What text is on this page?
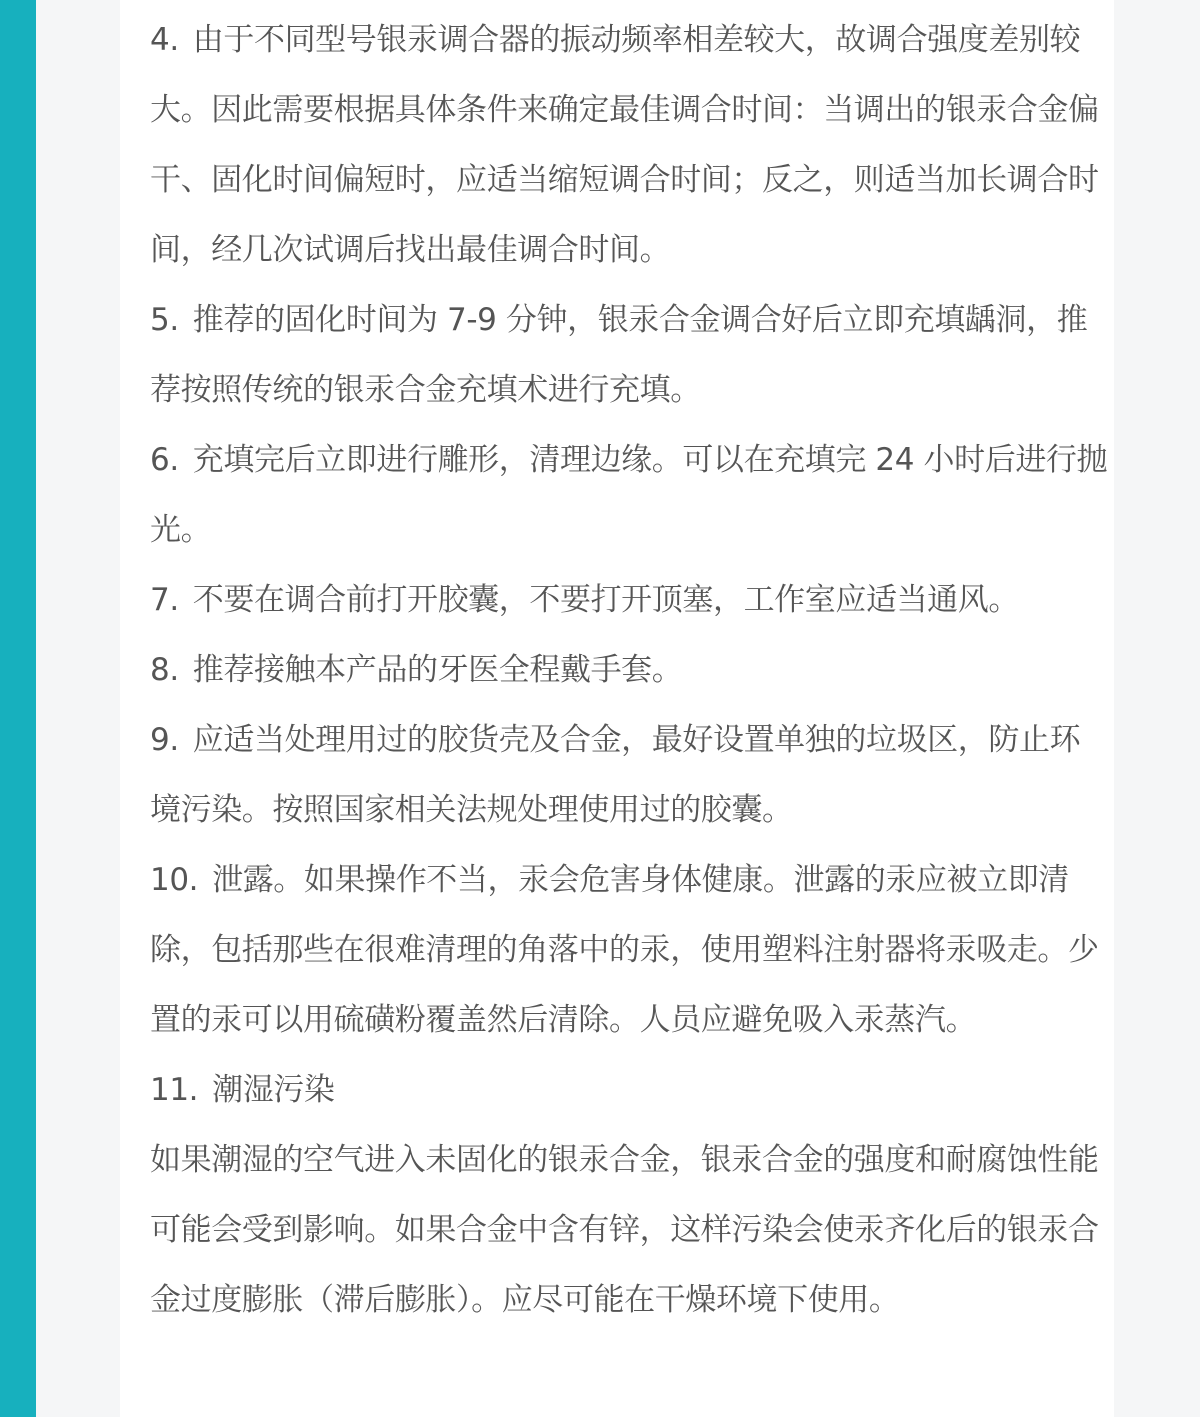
4. 由于不同型号银汞调合器的振动频率相差较大，故调合强度差别较大。因此需要根据具体条件来确定最佳调合时间：当调出的银汞合金偏干、固化时间偏短时，应适当缩短调合时间；反之，则适当加长调合时间，经几次试调后找出最佳调合时间。
5. 推荐的固化时间为 7-9 分钟，银汞合金调合好后立即充填龋洞，推荐按照传统的银汞合金充填术进行充填。
6. 充填完后立即进行雕形，清理边缘。可以在充填完 24 小时后进行抛光。
7. 不要在调合前打开胶囊，不要打开顶塞，工作室应适当通风。
8. 推荐接触本产品的牙医全程戴手套。
9. 应适当处理用过的胶货壳及合金，最好设置单独的垃圾区，防止环境污染。按照国家相关法规处理使用过的胶囊。
10. 泄露。如果操作不当，汞会危害身体健康。泄露的汞应被立即清除，包括那些在很难清理的角落中的汞，使用塑料注射器将汞吸走。少置的汞可以用硫磺粉覆盖然后清除。人员应避免吸入汞蒸汽。
11. 潮湿污染
如果潮湿的空气进入未固化的银汞合金，银汞合金的强度和耐腐蚀性能可能会受到影响。如果合金中含有锌，这样污染会使汞齐化后的银汞合金过度膨胀（滞后膨胀）。应尽可能在干燥环境下使用。
